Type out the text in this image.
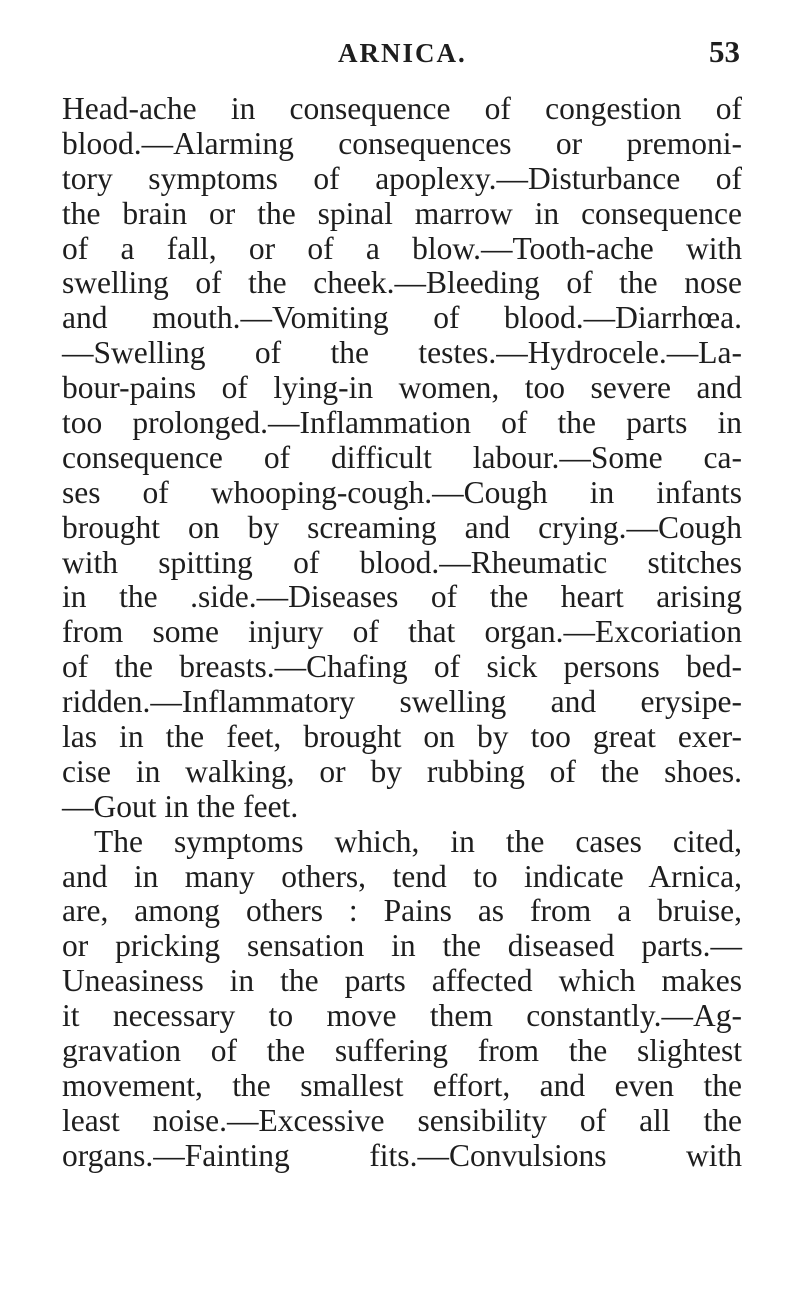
ARNICA.	53
Head-ache in consequence of congestion of
blood.—Alarming consequences or premoni-
tory symptoms of apoplexy.—Disturbance of
the brain or the spinal marrow in consequence
of a fall, or of a blow.—Tooth-ache with
swelling of the cheek.—Bleeding of the nose
and mouth.—Vomiting of blood.—Diarrhœa.
—Swelling of the testes.—Hydrocele.—La-
bour-pains of lying-in women, too severe and
too prolonged.—Inflammation of the parts in
consequence of difficult labour.—Some ca-
ses of whooping-cough.—Cough in infants
brought on by screaming and crying.—Cough
with spitting of blood.—Rheumatic stitches
in the .side.—Diseases of the heart arising
from some injury of that organ.—Excoriation
of the breasts.—Chafing of sick persons bed-
ridden.—Inflammatory swelling and erysipe-
las in the feet, brought on by too great exer-
cise in walking, or by rubbing of the shoes.
—Gout in the feet.
The symptoms which, in the cases cited,
and in many others, tend to indicate Arnica,
are, among others : Pains as from a bruise,
or pricking sensation in the diseased parts.—
Uneasiness in the parts affected which makes
it necessary to move them constantly.—Ag-
gravation of the suffering from the slightest
movement, the smallest effort, and even the
least noise.—Excessive sensibility of all the
organs.—Fainting fits.—Convulsions with
